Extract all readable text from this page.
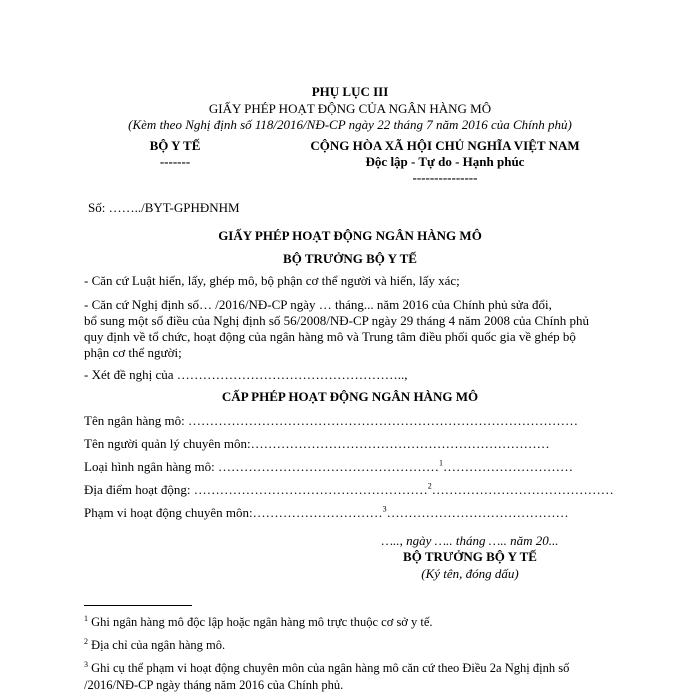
PHỤ LỤC III
GIẤY PHÉP HOẠT ĐỘNG CỦA NGÂN HÀNG MÔ
(Kèm theo Nghị định số 118/2016/NĐ-CP ngày 22 tháng 7 năm 2016 của Chính phủ)
BỘ Y TẾ
-------
CỘNG HÒA XÃ HỘI CHỦ NGHĨA VIỆT NAM
Độc lập - Tự do - Hạnh phúc
---------------
Số: ……../BYT-GPHĐNHM
GIẤY PHÉP HOẠT ĐỘNG NGÂN HÀNG MÔ
BỘ TRƯỞNG BỘ Y TẾ
- Căn cứ Luật hiến, lấy, ghép mô, bộ phận cơ thể người và hiến, lấy xác;
- Căn cứ Nghị định số… /2016/NĐ-CP ngày … tháng... năm 2016 của Chính phủ sửa đổi,
bổ sung một số điều của Nghị định số 56/2008/NĐ-CP ngày 29 tháng 4 năm 2008 của Chính phủ
quy định về tổ chức, hoạt động của ngân hàng mô và Trung tâm điều phối quốc gia về ghép bộ
phận cơ thể người;
- Xét đề nghị của ……………………………………………..,
CẤP PHÉP HOẠT ĐỘNG NGÂN HÀNG MÔ
Tên ngân hàng mô: ………………………………………………………………………………
Tên người quản lý chuyên môn:……………………………………………………………
Loại hình ngân hàng mô: ……………………………………………$^1$…………………………
Địa điểm hoạt động: ………………………………………………$^2$……………………………………
Phạm vi hoạt động chuyên môn:…………………………$^3$……………………………………
….., ngày ….. tháng ….. năm 20...
BỘ TRƯỞNG BỘ Y TẾ
(Ký tên, đóng dấu)
$^1$ Ghi ngân hàng mô độc lập hoặc ngân hàng mô trực thuộc cơ sở y tế.
$^2$ Địa chỉ của ngân hàng mô.
$^3$ Ghi cụ thể phạm vi hoạt động chuyên môn của ngân hàng mô căn cứ theo Điều 2a Nghị định số
/2016/NĐ-CP ngày tháng năm 2016 của Chính phủ.
